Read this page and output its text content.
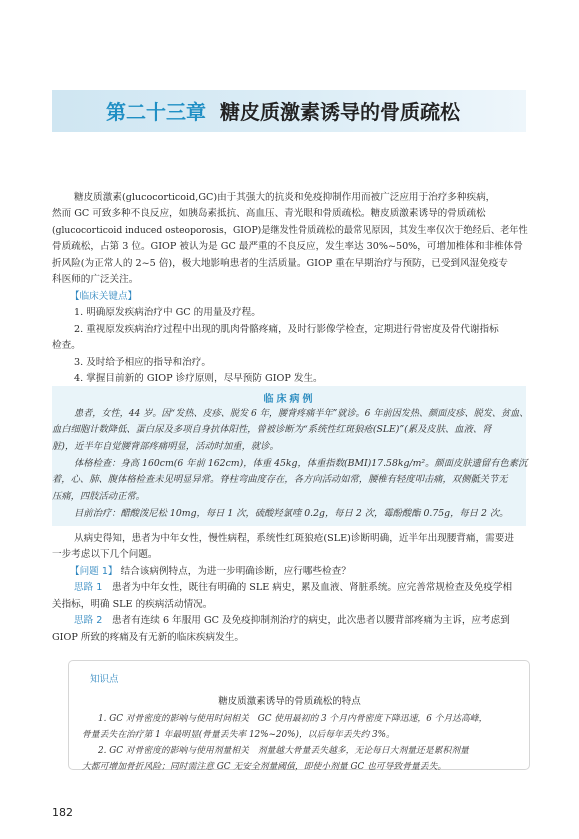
第二十三章 糖皮质激素诱导的骨质疏松
糖皮质激素(glucocorticoid,GC)由于其强大的抗炎和免疫抑制作用而被广泛应用于治疗多种疾病，
然而 GC 可致多种不良反应，如胰岛素抵抗、高血压、青光眼和骨质疏松。糖皮质激素诱导的骨质疏松
(glucocorticoid induced osteoporosis，GIOP)是继发性骨质疏松的最常见原因，其发生率仅次于绝经后、老年性
骨质疏松，占第 3 位。GIOP 被认为是 GC 最严重的不良反应，发生率达 30%~50%，可增加椎体和非椎体骨
折风险(为正常人的 2~5 倍)，极大地影响患者的生活质量。GIOP 重在早期治疗与预防，已受到风湿免疫专
科医师的广泛关注。
【临床关键点】
1. 明确原发疾病治疗中 GC 的用量及疗程。
2. 重视原发疾病治疗过程中出现的肌肉骨骼疼痛，及时行影像学检查，定期进行骨密度及骨代谢指标
检查。
3. 及时给予相应的指导和治疗。
4. 掌握目前新的 GIOP 诊疗原则，尽早预防 GIOP 发生。
临床病例
患者，女性，44 岁。因“发热、皮疹、脱发 6 年，腰背疼痛半年”就诊。6 年前因发热、颜面皮疹、脱发、贫血、
血白细胞计数降低、蛋白尿及多项自身抗体阳性，曾被诊断为“系统性红斑狼疮(SLE)”(累及皮肤、血液、肾
脏)，近半年自觉腰背部疼痛明显，活动时加重，就诊。
体格检查：身高 160cm(6 年前 162cm)，体重 45kg，体重指数(BMI)17.58kg/m²。颜面皮肤遗留有色素沉
着，心、肺、腹体格检查未见明显异常。脊柱弯曲度存在，各方向活动如常，腰椎有轻度叩击痛，双侧骶关节无
压痛，四肢活动正常。
目前治疗：醋酸泼尼松 10mg，每日 1 次，硫酸羟氯喹 0.2g，每日 2 次，霉酚酸酯 0.75g，每日 2 次。
从病史得知，患者为中年女性，慢性病程，系统性红斑狼疮(SLE)诊断明确，近半年出现腰背痛，需要进
一步考虑以下几个问题。
【问题 1】 结合该病例特点，为进一步明确诊断，应行哪些检查？
思路 1　 患者为中年女性，既往有明确的 SLE 病史，累及血液、肾脏系统。应完善常规检查及免疫学相
关指标，明确 SLE 的疾病活动情况。
思路 2　 患者有连续 6 年服用 GC 及免疫抑制剂治疗的病史，此次患者以腰背部疼痛为主诉，应考虑到
GIOP 所致的疼痛及有无新的临床疾病发生。

知识点

糖皮质激素诱导的骨质疏松的特点

1. GC 对骨密度的影响与使用时间相关　GC 使用最初的 3 个月内骨密度下降迅速，6 个月达高峰，
骨量丢失在治疗第 1 年最明显(骨量丢失率 12%~20%)，以后每年丢失约 3%。
2. GC 对骨密度的影响与使用剂量相关　剂量越大骨量丢失越多，无论每日大剂量还是累积剂量
大都可增加骨折风险；同时需注意 GC 无安全剂量阈值，即使小剂量 GC 也可导致骨量丢失。

182
